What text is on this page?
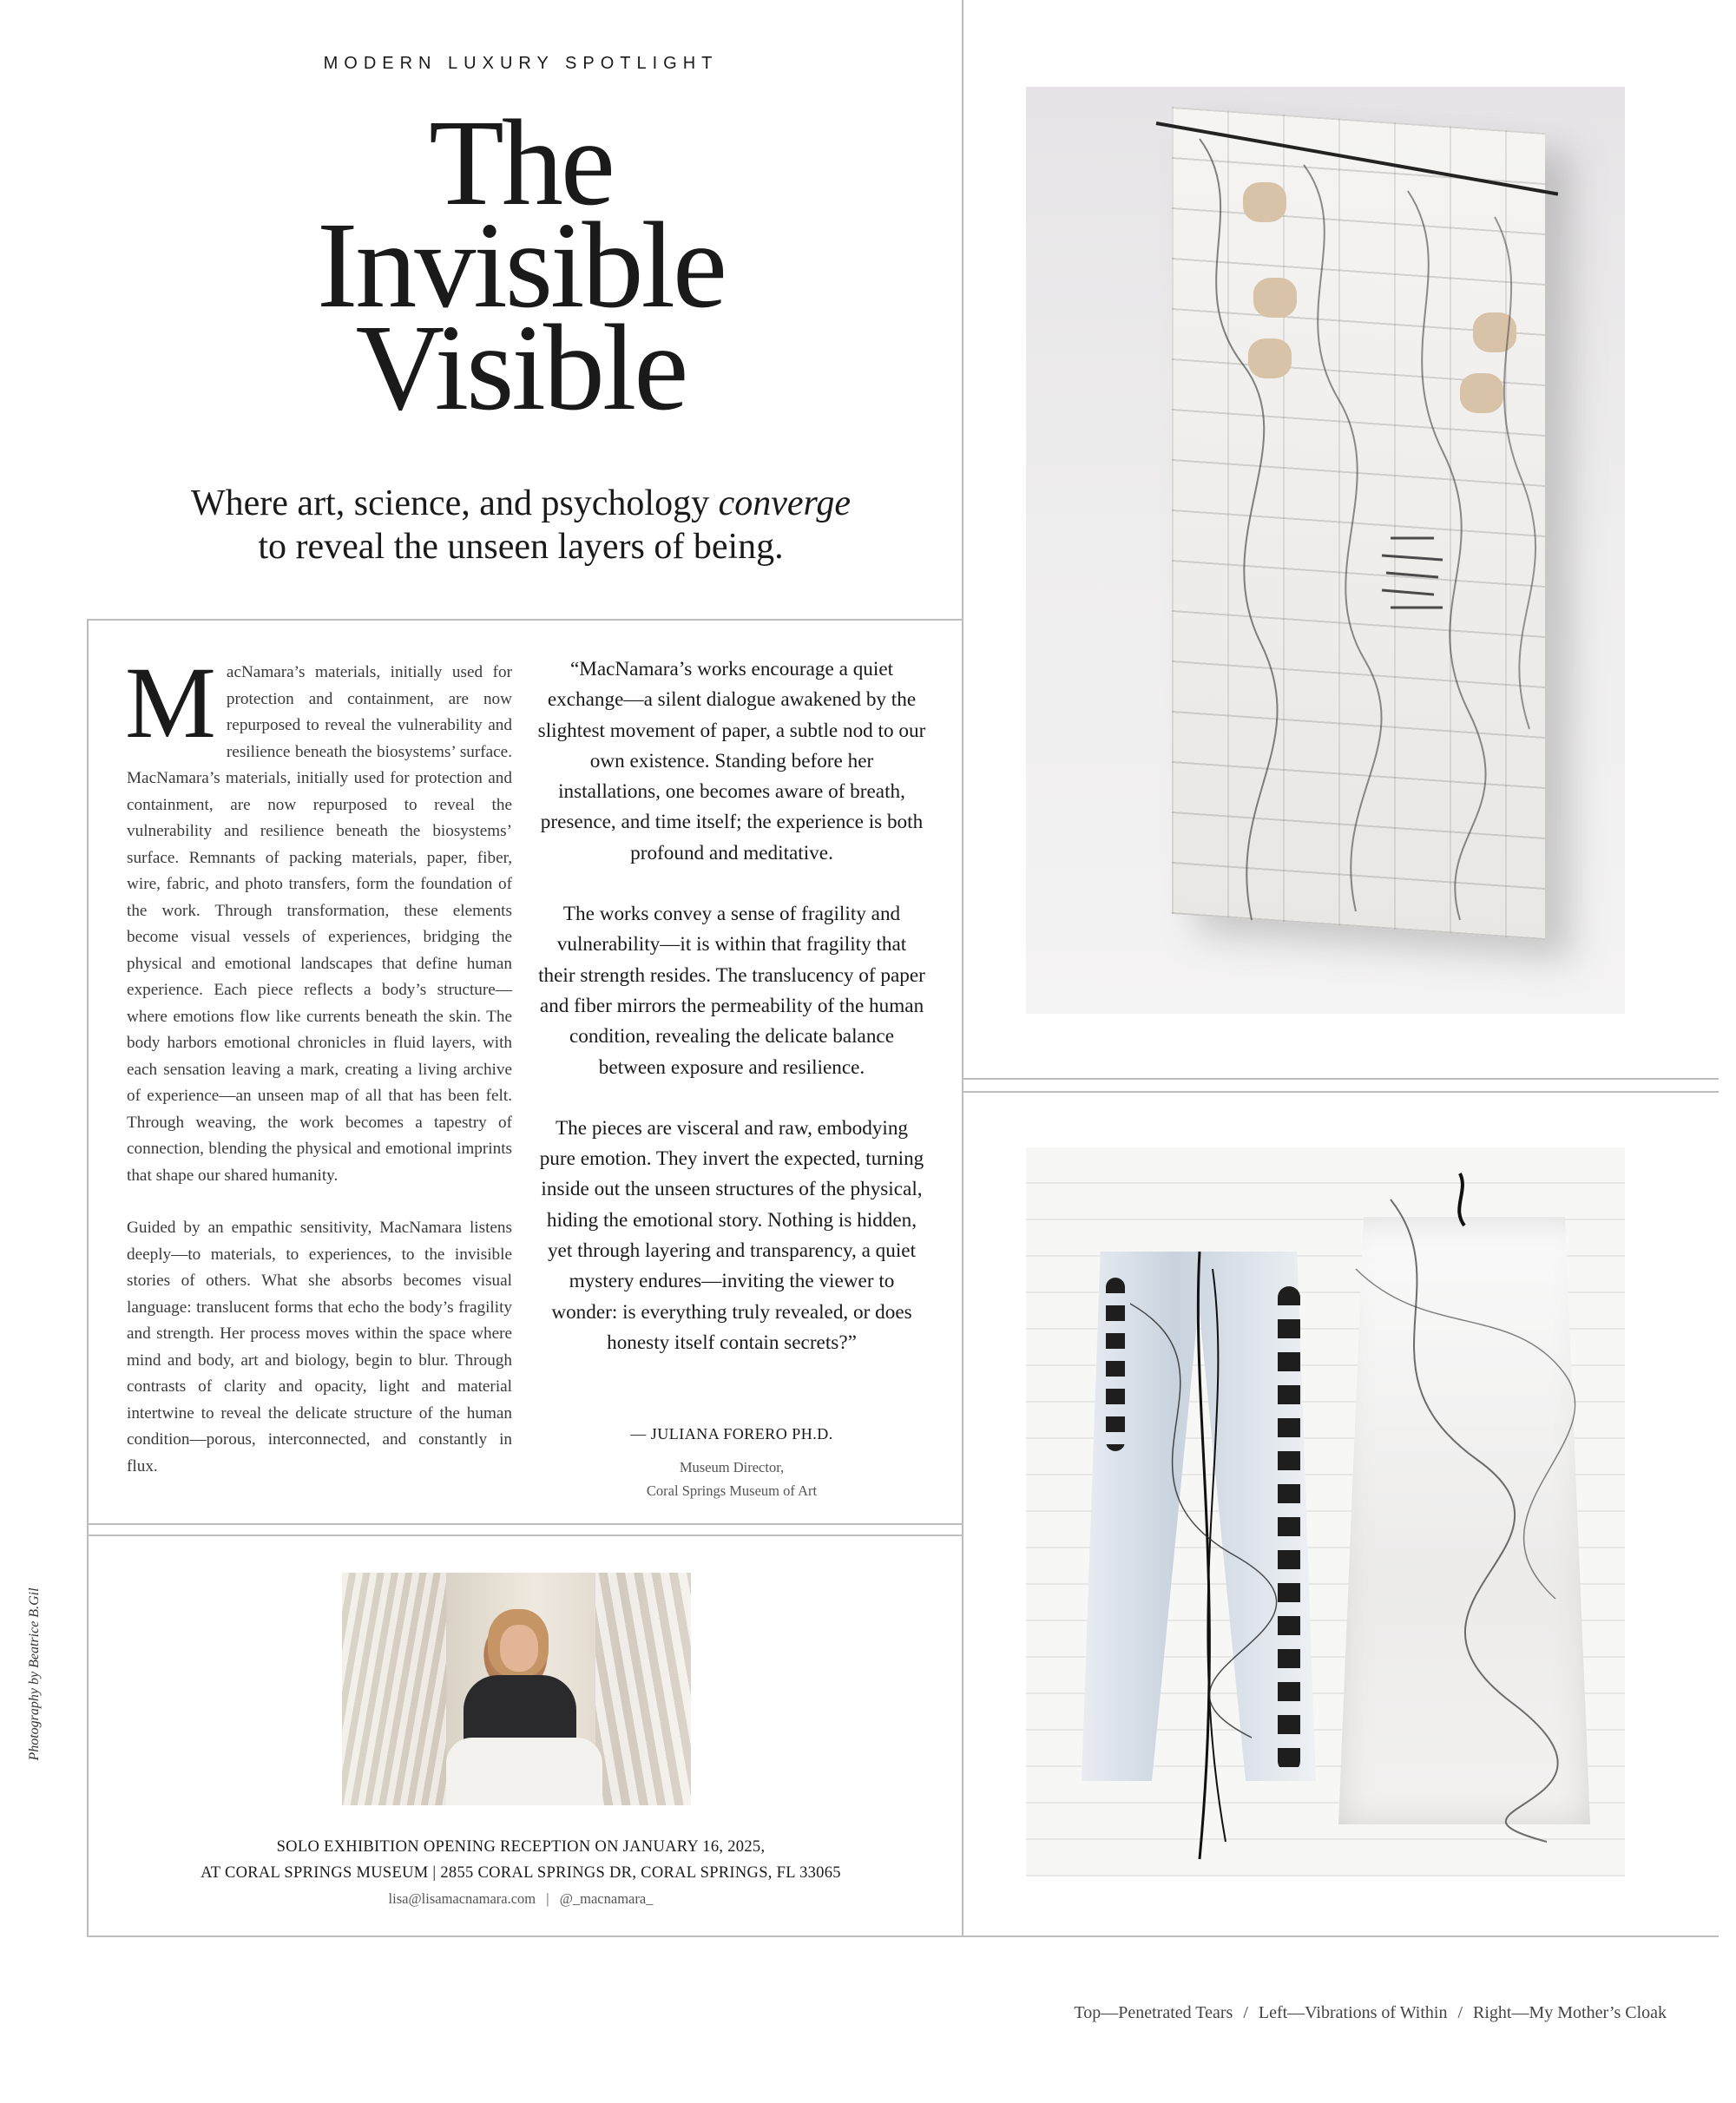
MODERN LUXURY SPOTLIGHT
The
Invisible
Visible
Where art, science, and psychology converge
to reveal the unseen layers of being.

MacNamara’s materials, initially used for protection and containment, are now repurposed to reveal the vulnerability and resilience beneath the biosystems’ surface. MacNamara’s materials, initially used for protection and containment, are now repurposed to reveal the vulnerability and resilience beneath the biosystems’ surface. Remnants of packing materials, paper, fiber, wire, fabric, and photo transfers, form the foundation of the work. Through transformation, these elements become visual vessels of experiences, bridging the physical and emotional landscapes that define human experience. Each piece reflects a body’s structure—where emotions flow like currents beneath the skin. The body harbors emotional chronicles in fluid layers, with each sensation leaving a mark, creating a living archive of experience—an unseen map of all that has been felt. Through weaving, the work becomes a tapestry of connection, blending the physical and emotional imprints that shape our shared humanity.

Guided by an empathic sensitivity, MacNamara listens deeply—to materials, to experiences, to the invisible stories of others. What she absorbs becomes visual language: translucent forms that echo the body’s fragility and strength. Her process moves within the space where mind and body, art and biology, begin to blur. Through contrasts of clarity and opacity, light and material intertwine to reveal the delicate structure of the human condition—porous, interconnected, and constantly in flux.

“MacNamara’s works encourage a quiet exchange—a silent dialogue awakened by the slightest movement of paper, a subtle nod to our own existence. Standing before her installations, one becomes aware of breath, presence, and time itself; the experience is both profound and meditative.

The works convey a sense of fragility and vulnerability—it is within that fragility that their strength resides. The translucency of paper and fiber mirrors the permeability of the human condition, revealing the delicate balance between exposure and resilience.

The pieces are visceral and raw, embodying pure emotion. They invert the expected, turning inside out the unseen structures of the physical, hiding the emotional story. Nothing is hidden, yet through layering and transparency, a quiet mystery endures—inviting the viewer to wonder: is everything truly revealed, or does honesty itself contain secrets?”

— JULIANA FORERO PH.D.
Museum Director,
Coral Springs Museum of Art
SOLO EXHIBITION OPENING RECEPTION ON JANUARY 16, 2025,
AT CORAL SPRINGS MUSEUM | 2855 CORAL SPRINGS DR, CORAL SPRINGS, FL 33065
lisa@lisamacnamara.com | @_macnamara_
Photography by Beatrice B.Gil
Top—Penetrated Tears / Left—Vibrations of Within / Right—My Mother’s Cloak
